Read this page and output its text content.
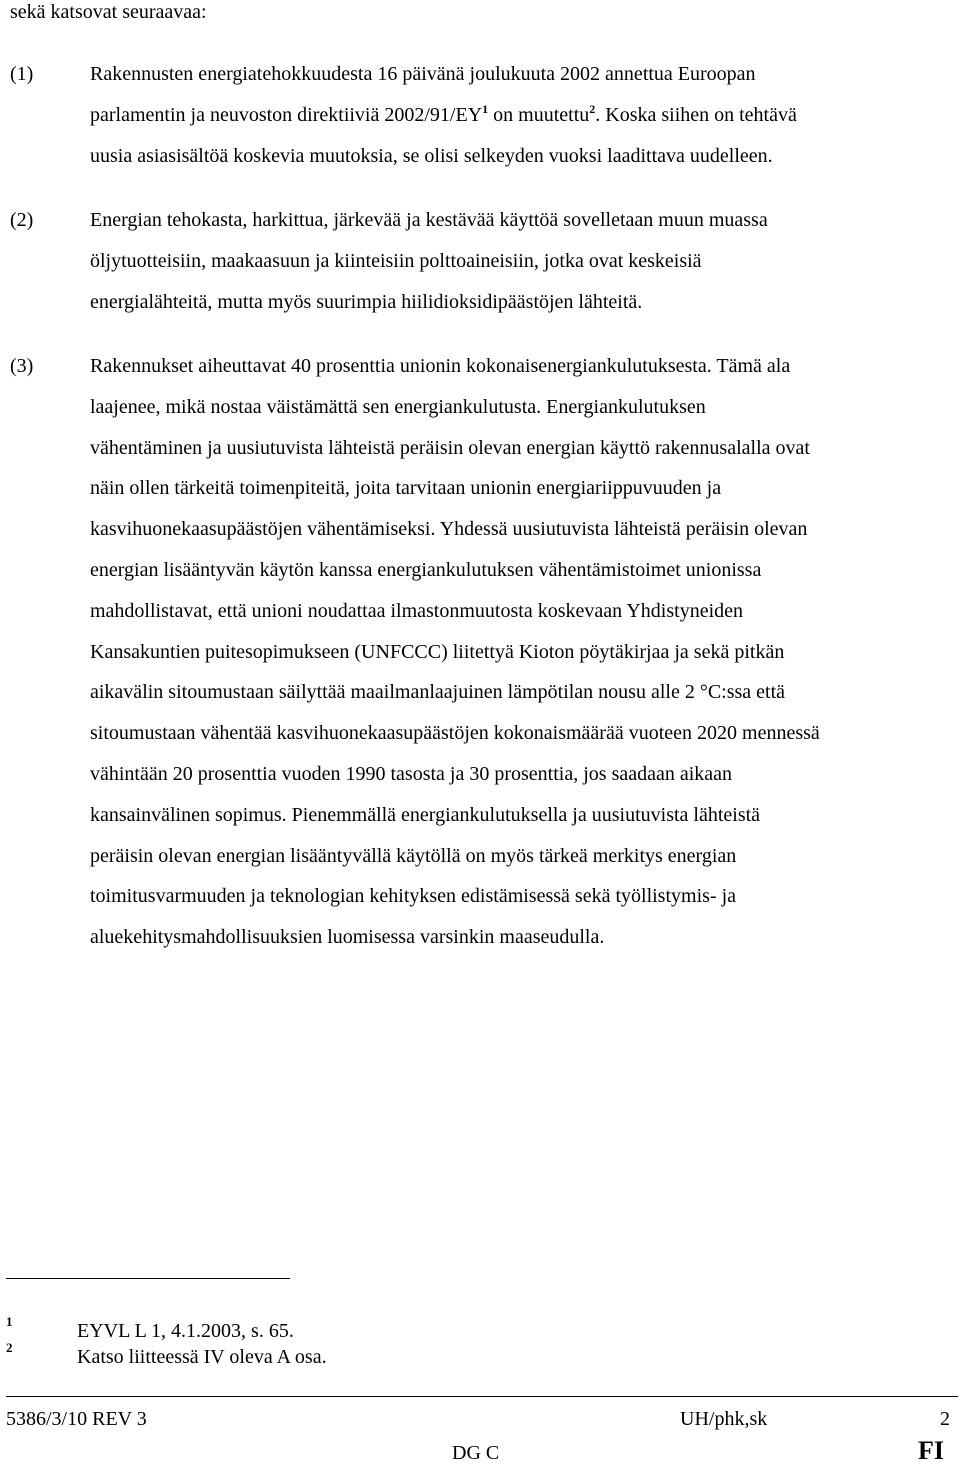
sekä katsovat seuraavaa:
(1)	Rakennusten energiatehokkuudesta 16 päivänä joulukuuta 2002 annettua Euroopan
parlamentin ja neuvoston direktiiviä $2002/91/EY^1$ on muutettu$^2$. Koska siihen on tehtävä
uusia asiasisältöä koskevia muutoksia, se olisi selkeyden vuoksi laadittava uudelleen.
(2)	Energian tehokasta, harkittua, järkevää ja kestävää käyttöä sovelletaan muun muassa
öljytuotteisiin, maakaasuun ja kiinteisiin polttoaineisiin, jotka ovat keskeisiä
energialähteitä, mutta myös suurimpia hiilidioksidipäästöjen lähteitä.
(3)	Rakennukset aiheuttavat 40 prosenttia unionin kokonaisenergiankulutuksesta. Tämä ala
laajenee, mikä nostaa väistämättä sen energiankulutusta. Energiankulutuksen
vähentäminen ja uusiutuvista lähteistä peräisin olevan energian käyttö rakennusalalla ovat
näin ollen tärkeitä toimenpiteitä, joita tarvitaan unionin energiariippuvuuden ja
kasvihuonekaasupäästöjen vähentämiseksi. Yhdessä uusiutuvista lähteistä peräisin olevan
energian lisääntyvän käytön kanssa energiankulutuksen vähentämistoimet unionissa
mahdollistavat, että unioni noudattaa ilmastonmuutosta koskevaan Yhdistyneiden
Kansakuntien puitesopimukseen (UNFCCC) liitettyä Kioton pöytäkirjaa ja sekä pitkän
aikavälin sitoumustaan säilyttää maailmanlaajuinen lämpötilan nousu alle 2 °C:ssa että
sitoumustaan vähentää kasvihuonekaasupäästöjen kokonaismäärää vuoteen 2020 mennessä
vähintään 20 prosenttia vuoden 1990 tasosta ja 30 prosenttia, jos saadaan aikaan
kansainvälinen sopimus. Pienemmällä energiankulutuksella ja uusiutuvista lähteistä
peräisin olevan energian lisääntyvällä käytöllä on myös tärkeä merkitys energian
toimitusvarmuuden ja teknologian kehityksen edistämisessä sekä työllistymis- ja
aluekehitysmahdollisuuksien luomisessa varsinkin maaseudulla.
1	EYVL L 1, 4.1.2003, s. 65.
2	Katso liitteessä IV oleva A osa.
5386/3/10 REV 3	UH/phk,sk	2
DG C	FI
